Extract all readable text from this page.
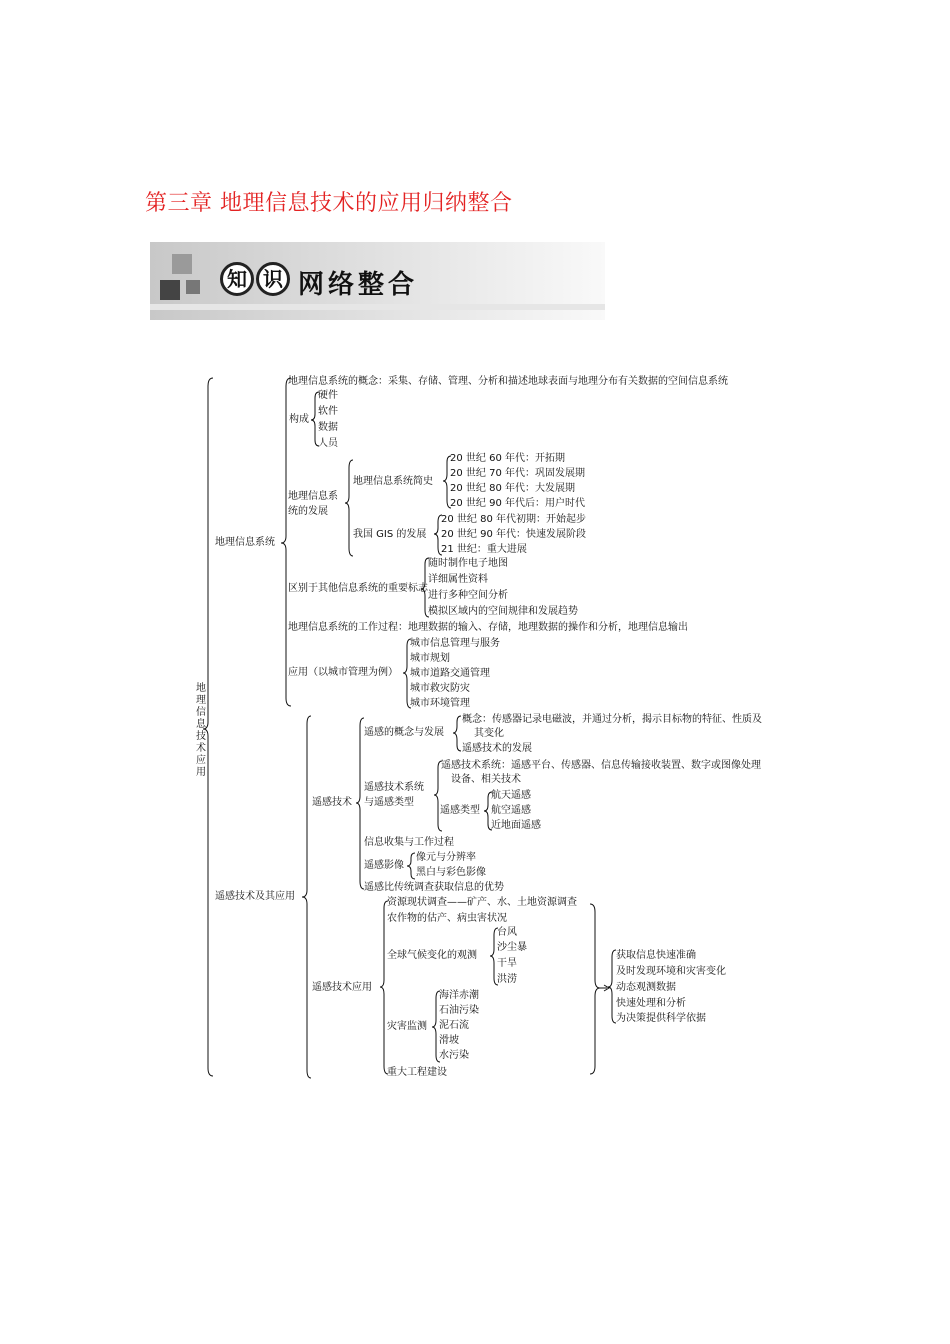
第三章 地理信息技术的应用归纳整合
知 识 网络整合
地理信息技术应用
地理信息系统
地理信息系统的概念：采集、存储、管理、分析和描述地球表面与地理分布有关数据的空间信息系统
构成
硬件
软件
数据
人员
地理信息系
统的发展
地理信息系统简史
20 世纪 60 年代：开拓期
20 世纪 70 年代：巩固发展期
20 世纪 80 年代：大发展期
20 世纪 90 年代后：用户时代
我国 GIS 的发展
20 世纪 80 年代初期：开始起步
20 世纪 90 年代：快速发展阶段
21 世纪：重大进展
区别于其他信息系统的重要标志
随时制作电子地图
详细属性资料
进行多种空间分析
模拟区域内的空间规律和发展趋势
地理信息系统的工作过程：地理数据的输入、存储，地理数据的操作和分析，地理信息输出
应用（以城市管理为例）
城市信息管理与服务
城市规划
城市道路交通管理
城市救灾防灾
城市环境管理
遥感技术及其应用
遥感技术
遥感的概念与发展
概念：传感器记录电磁波，并通过分析，揭示目标物的特征、性质及
其变化
遥感技术的发展
遥感技术系统
与遥感类型
遥感技术系统：遥感平台、传感器、信息传输接收装置、数字或图像处理
设备、相关技术
遥感类型
航天遥感
航空遥感
近地面遥感
信息收集与工作过程
遥感影像
像元与分辨率
黑白与彩色影像
遥感比传统调查获取信息的优势
遥感技术应用
资源现状调查——矿产、水、土地资源调查
农作物的估产、病虫害状况
全球气候变化的观测
台风
沙尘暴
干旱
洪涝
灾害监测
海洋赤潮
石油污染
泥石流
滑坡
水污染
重大工程建设
获取信息快速准确
及时发现环境和灾害变化
动态观测数据
快速处理和分析
为决策提供科学依据
